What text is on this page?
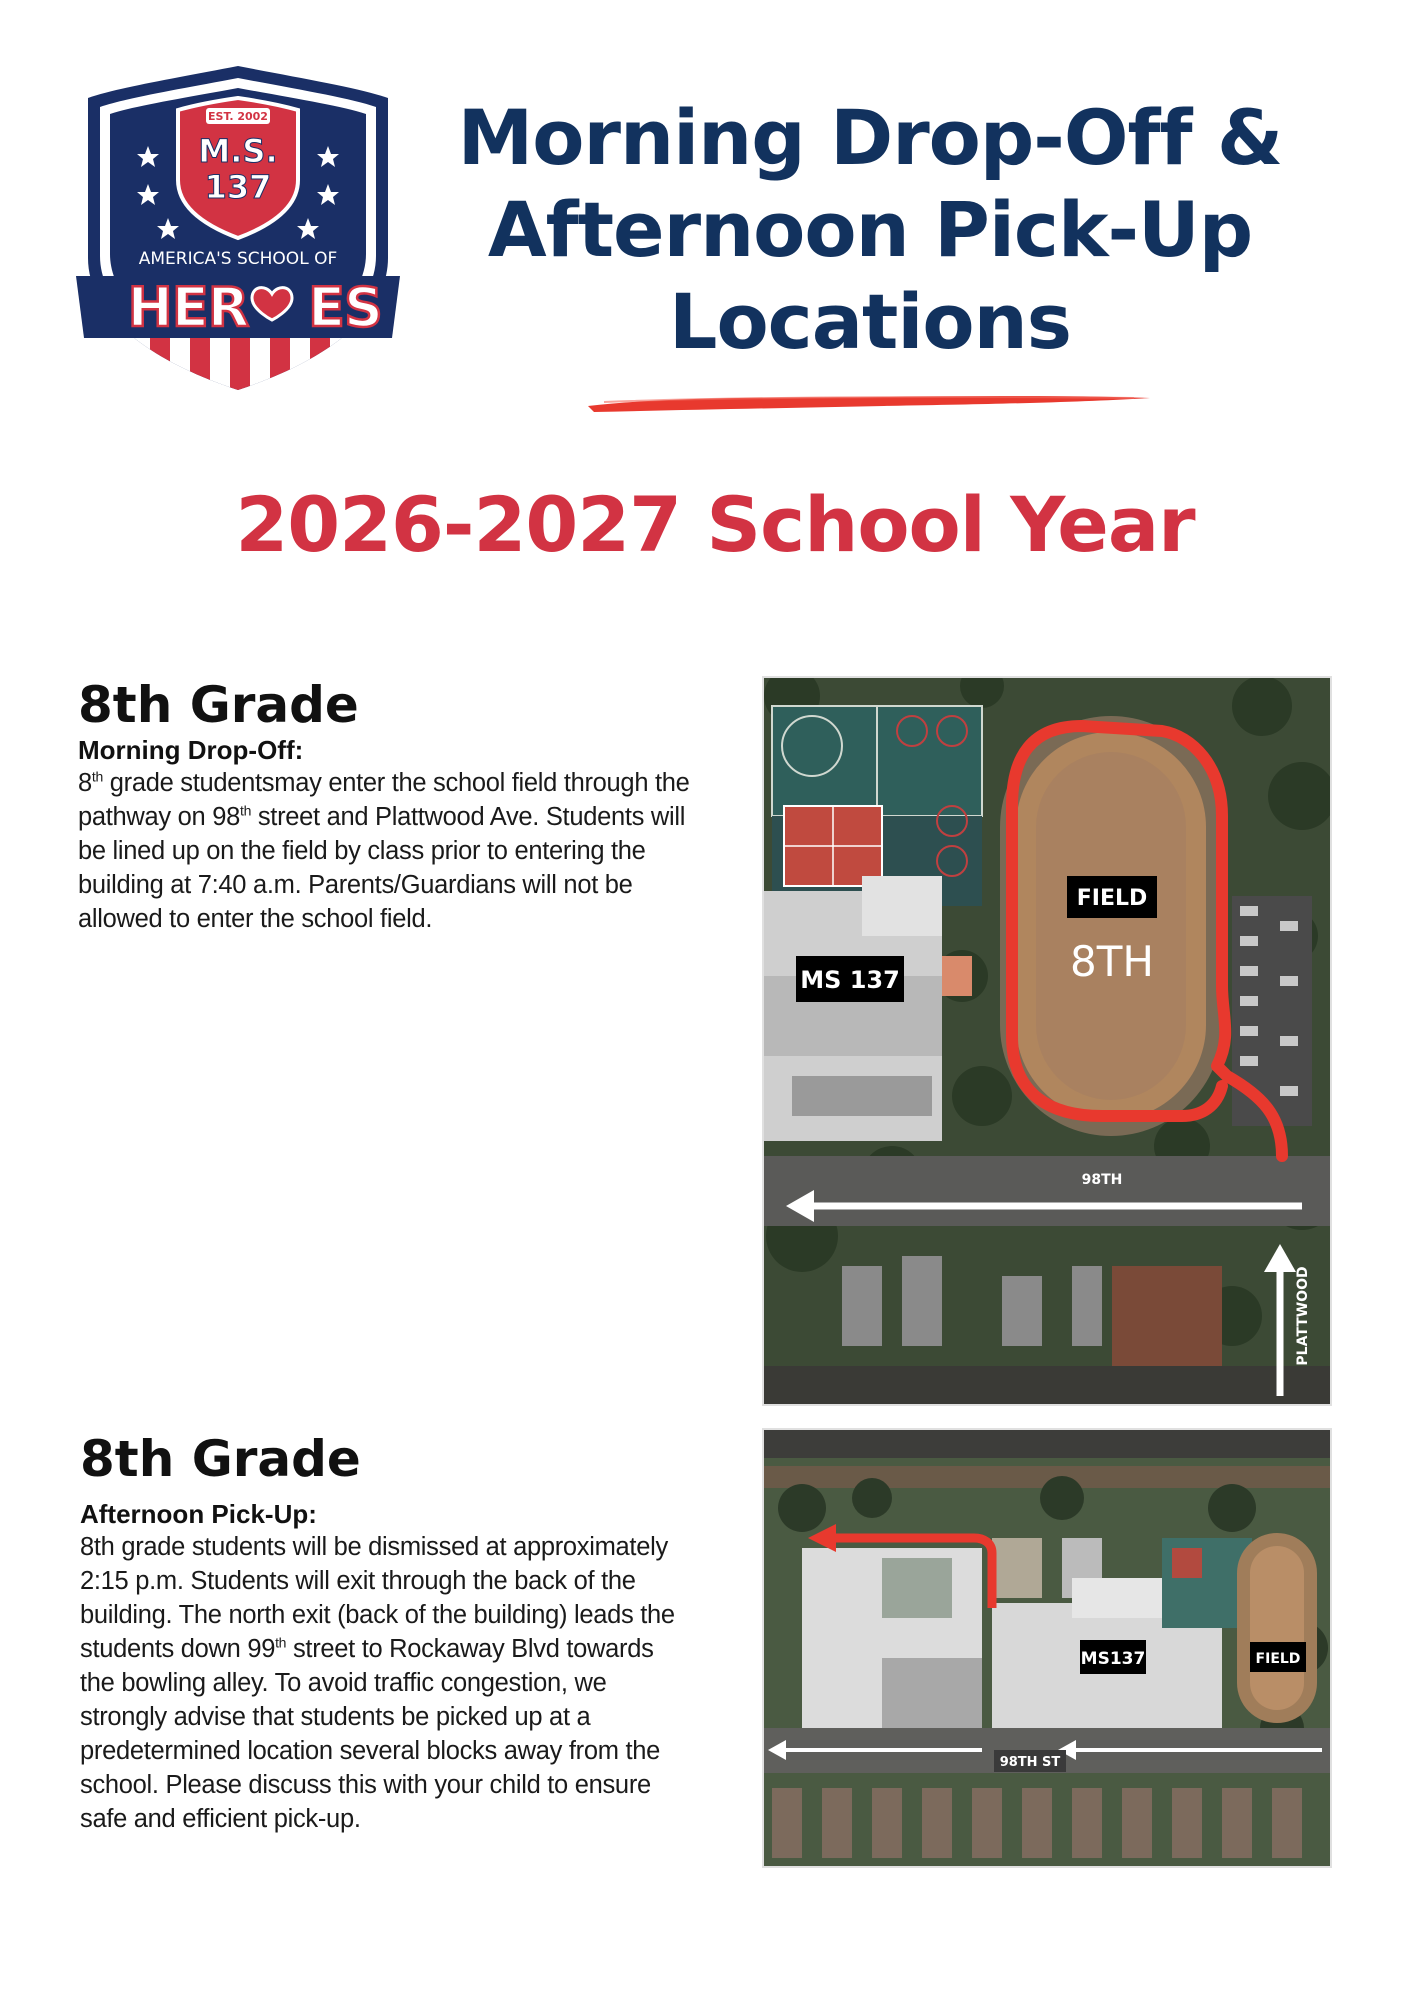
EST. 2002
M.S.
137
AMERICA'S SCHOOL OF
HER ES
Morning Drop-Off &
Afternoon Pick-Up
Locations
2026-2027 School Year
8th Grade

Morning Drop-Off:

8th grade studentsmay enter the school field through the

pathway on 98th street and Plattwood Ave. Students will

be lined up on the field by class prior to entering the

building at 7:40 a.m. Parents/Guardians will not be

allowed to enter the school field.

FIELD
8TH
MS 137
98TH
PLATTWOOD
8th Grade

Afternoon Pick-Up:

8th grade students will be dismissed at approximately

2:15 p.m. Students will exit through the back of the

building. The north exit (back of the building) leads the

students down 99th street to Rockaway Blvd towards

the bowling alley. To avoid traffic congestion, we

strongly advise that students be picked up at a

predetermined location several blocks away from the

school. Please discuss this with your child to ensure

safe and efficient pick-up.

98TH ST
MS137	FIELD
